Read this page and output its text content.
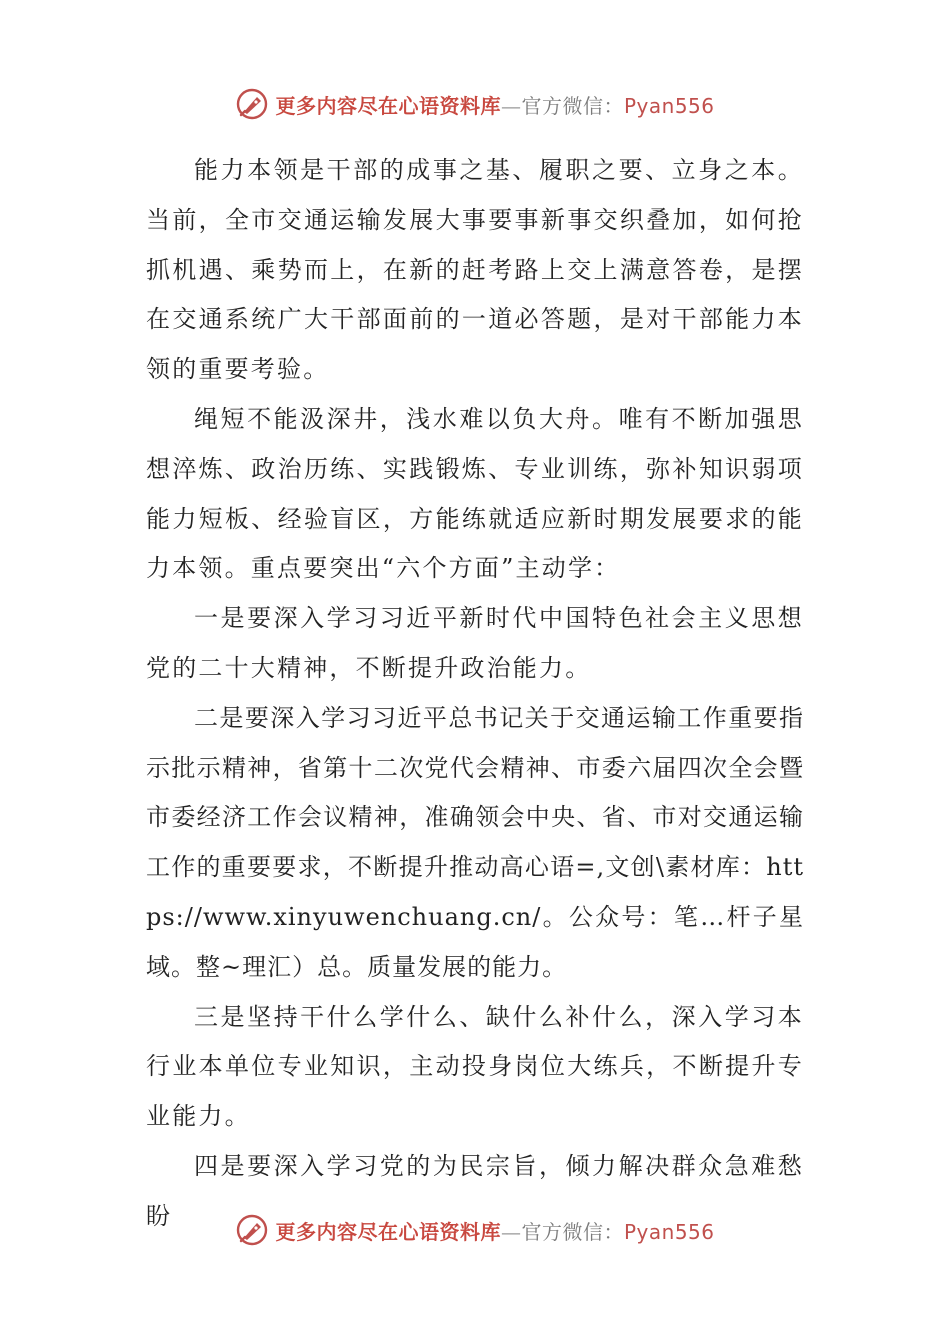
更多内容尽在心语资料库—官方微信：Pyan556

能力本领是干部的成事之基、履职之要、立身之本。当前，全市交通运输发展大事要事新事交织叠加，如何抢抓机遇、乘势而上，在新的赶考路上交上满意答卷，是摆在交通系统广大干部面前的一道必答题，是对干部能力本领的重要考验。

绳短不能汲深井，浅水难以负大舟。唯有不断加强思想淬炼、政治历练、实践锻炼、专业训练，弥补知识弱项能力短板、经验盲区，方能练就适应新时期发展要求的能力本领。重点要突出“六个方面”主动学：

一是要深入学习习近平新时代中国特色社会主义思想党的二十大精神，不断提升政治能力。

二是要深入学习习近平总书记关于交通运输工作重要指示批示精神，省第十二次党代会精神、市委六届四次全会暨市委经济工作会议精神，准确领会中央、省、市对交通运输工作的重要要求，不断提升推动高心语=,文创\素材库：https://www.xinyuwenchuang.cn/。公众号：笔…杆子星域。整~理汇）总。质量发展的能力。

三是坚持干什么学什么、缺什么补什么，深入学习本行业本单位专业知识，主动投身岗位大练兵，不断提升专业能力。

四是要深入学习党的为民宗旨，倾力解决群众急难愁盼

更多内容尽在心语资料库—官方微信：Pyan556
